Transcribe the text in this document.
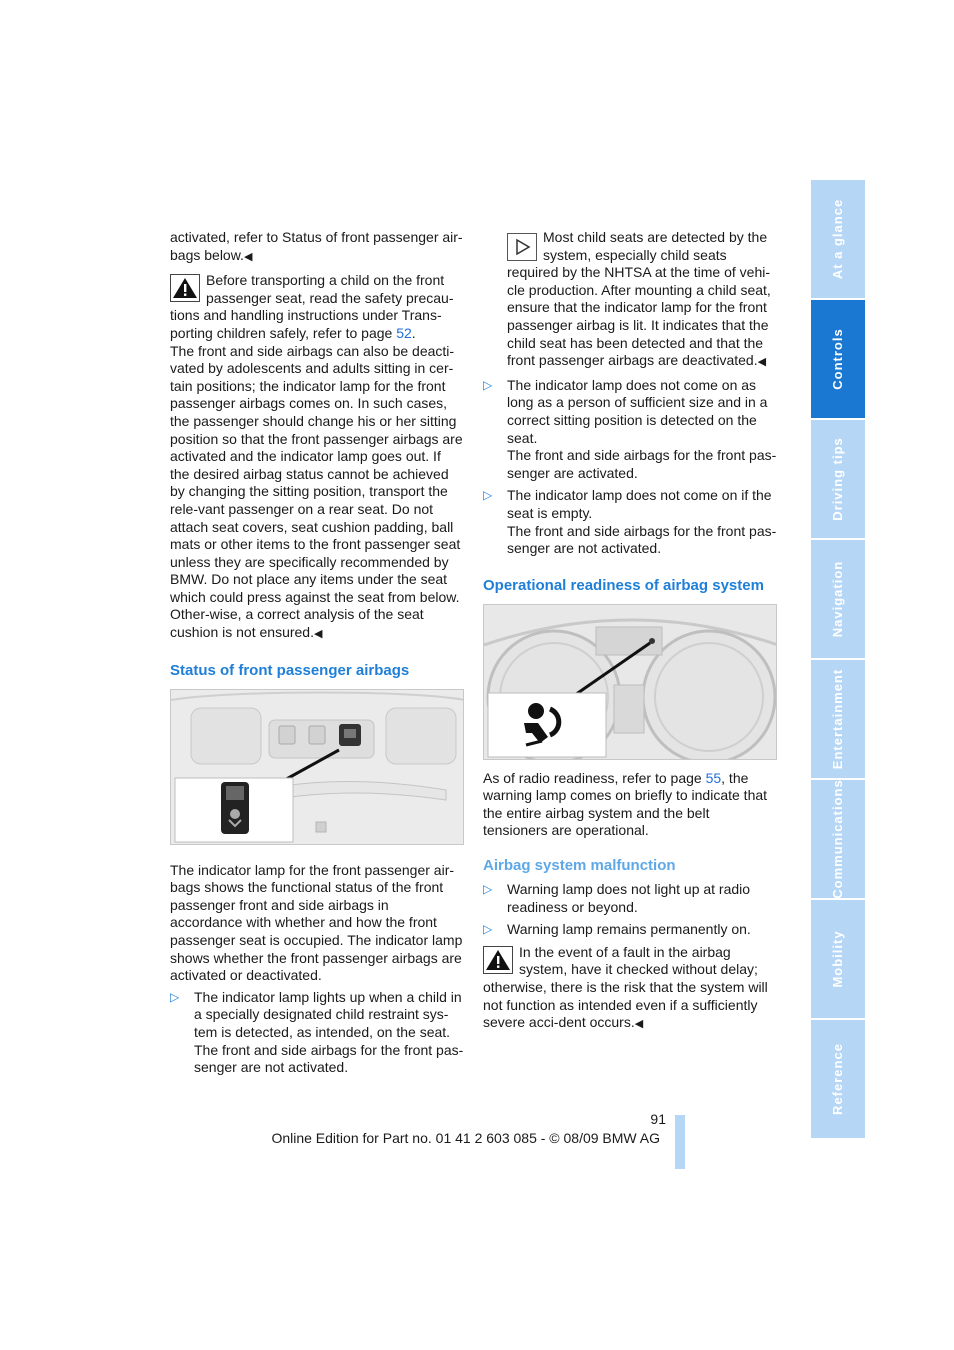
At a glance
Controls
Driving tips
Navigation
Entertainment
Communications
Mobility
Reference

activated, refer to Status of front passenger air-bags below.◀

Before transporting a child on the front passenger seat, read the safety precau-tions and handling instructions under Trans-porting children safely, refer to page 52.

The front and side airbags can also be deacti-vated by adolescents and adults sitting in cer-tain positions; the indicator lamp for the front passenger airbags comes on. In such cases, the passenger should change his or her sitting position so that the front passenger airbags are activated and the indicator lamp goes out. If the desired airbag status cannot be achieved by changing the sitting position, transport the rele-vant passenger on a rear seat. Do not attach seat covers, seat cushion padding, ball mats or other items to the front passenger seat unless they are specifically recommended by BMW. Do not place any items under the seat which could press against the seat from below. Other-wise, a correct analysis of the seat cushion is not ensured.◀

Status of front passenger airbags

The indicator lamp for the front passenger air-bags shows the functional status of the front passenger front and side airbags in accordance with whether and how the front passenger seat is occupied. The indicator lamp shows whether the front passenger airbags are activated or deactivated.

▷ The indicator lamp lights up when a child in a specially designated child restraint sys-tem is detected, as intended, on the seat.
The front and side airbags for the front pas-senger are not activated.

Most child seats are detected by the system, especially child seats required by the NHTSA at the time of vehi-cle production. After mounting a child seat, ensure that the indicator lamp for the front passenger airbag is lit. It indicates that the child seat has been detected and that the front passenger airbags are deactivated.◀

▷ The indicator lamp does not come on as long as a person of sufficient size and in a correct sitting position is detected on the seat.
The front and side airbags for the front pas-senger are activated.
▷ The indicator lamp does not come on if the seat is empty.
The front and side airbags for the front pas-senger are not activated.

Operational readiness of airbag system

As of radio readiness, refer to page 55, the warning lamp comes on briefly to indicate that the entire airbag system and the belt tensioners are operational.

Airbag system malfunction

▷ Warning lamp does not light up at radio readiness or beyond.
▷ Warning lamp remains permanently on.

In the event of a fault in the airbag system, have it checked without delay; otherwise, there is the risk that the system will not function as intended even if a sufficiently severe acci-dent occurs.◀

91
Online Edition for Part no. 01 41 2 603 085 - © 08/09 BMW AG
